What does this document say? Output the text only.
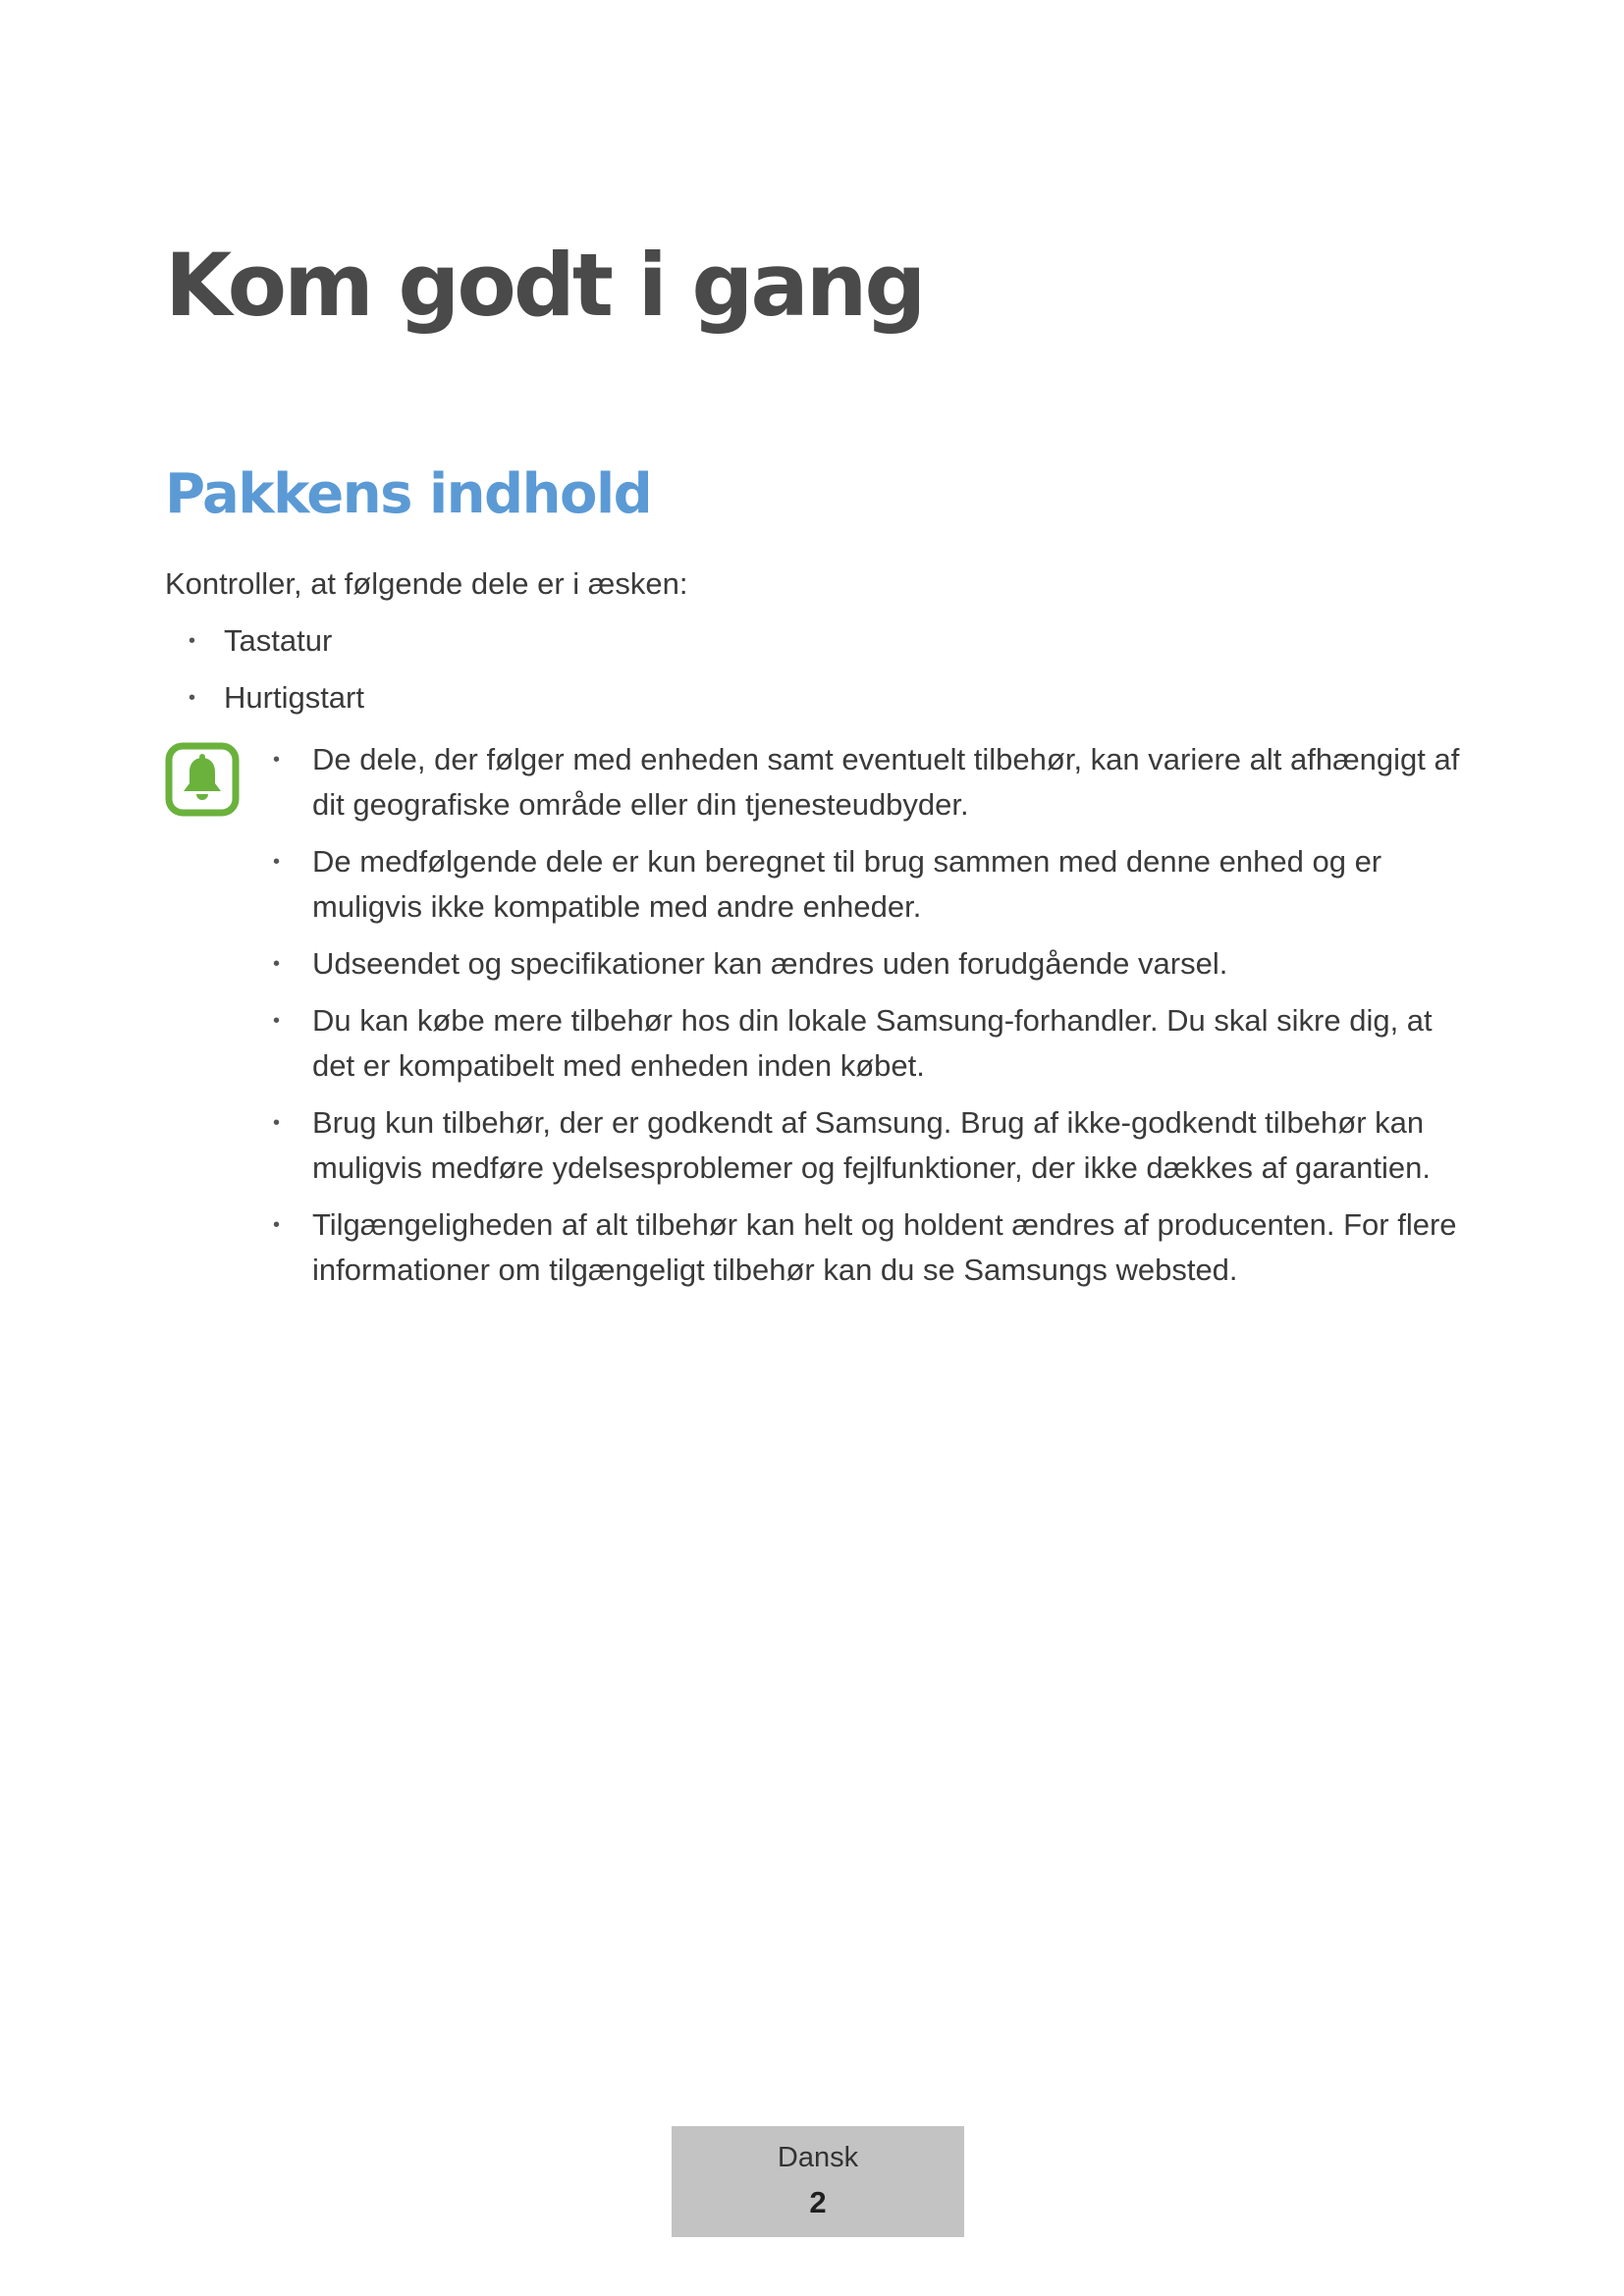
Kom godt i gang
Pakkens indhold

Kontroller, at følgende dele er i æsken:

• Tastatur
• Hurtigstart
• De dele, der følger med enheden samt eventuelt tilbehør, kan variere alt afhængigt af dit geografiske område eller din tjenesteudbyder.
• De medfølgende dele er kun beregnet til brug sammen med denne enhed og er muligvis ikke kompatible med andre enheder.
• Udseendet og specifikationer kan ændres uden forudgående varsel.
• Du kan købe mere tilbehør hos din lokale Samsung-forhandler. Du skal sikre dig, at det er kompatibelt med enheden inden købet.
• Brug kun tilbehør, der er godkendt af Samsung. Brug af ikke-godkendt tilbehør kan muligvis medføre ydelsesproblemer og fejlfunktioner, der ikke dækkes af garantien.
• Tilgængeligheden af alt tilbehør kan helt og holdent ændres af producenten. For flere informationer om tilgængeligt tilbehør kan du se Samsungs websted.
Dansk
2
